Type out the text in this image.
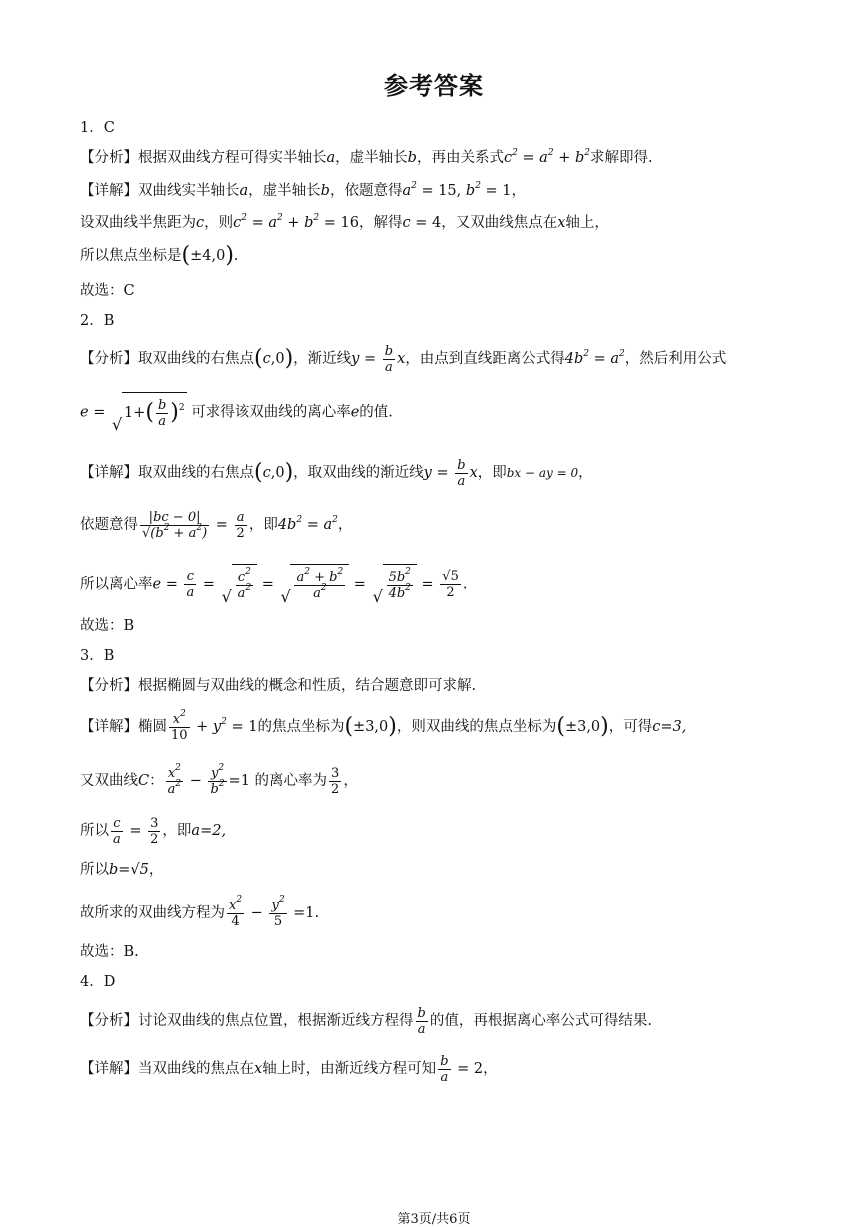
参考答案
1．C
【分析】根据双曲线方程可得实半轴长a，虚半轴长b，再由关系式$c^2 = a^2 + b^2$求解即得.
【详解】双曲线实半轴长a，虚半轴长b，依题意得$a^2 = 15$, $b^2 = 1$，
设双曲线半焦距为c，则$c^2 = a^2 + b^2 = 16$，解得c = 4，又双曲线焦点在x轴上，
所以焦点坐标是(±4,0).
故选：C
2．B
【分析】取双曲线的右焦点(c,0)，渐近线$y = \frac{b}{a}$ x，由点到直线距离公式得$4b^2 = a^2$，然后利用公式
e =
√
$1+( \frac{b}{a} )^2$ 可求得该双曲线的离心率e的值.
【详解】取双曲线的右焦点(c,0)，取双曲线的渐近线$y = \frac{b}{a}$ x，即bx − ay = 0，
依题意得 $\frac{|bc - 0|}{√(b^2 + a^2)} = \frac{a}{2}$ ，即$4b^2 = a^2$，
所以离心率$e = \frac{c}{a}$ =
√ $\frac{c^2}{a^2}$ =
√ $\frac{a^2 + b^2}{a^2}$ =
√ $\frac{5b^2}{4b^2} = \frac{√5}{2}$ .
故选：B
3．B
【分析】根据椭圆与双曲线的概念和性质，结合题意即可求解.
【详解】椭圆 $\frac{x^2}{10} + y^2 = 1$的焦点坐标为(±3,0)，则双曲线的焦点坐标为(±3,0)，可得c=3,
又双曲线C： $\frac{x^2}{a^2} - \frac{y^2}{b^2} =1$ 的离心率为 $\frac{3}{2}$ ，
所以 $\frac{c}{a} = \frac{3}{2}$ ，即a=2,
所以b=√5，
故所求的双曲线方程为 $\frac{x^2}{4} - \frac{y^2}{5} =1$.
故选：B.
4．D
【分析】讨论双曲线的焦点位置，根据渐近线方程得 $\frac{b}{a}$ 的值，再根据离心率公式可得结果.
【详解】当双曲线的焦点在x轴上时，由渐近线方程可知 $\frac{b}{a} = 2$，
第3页/共6页
